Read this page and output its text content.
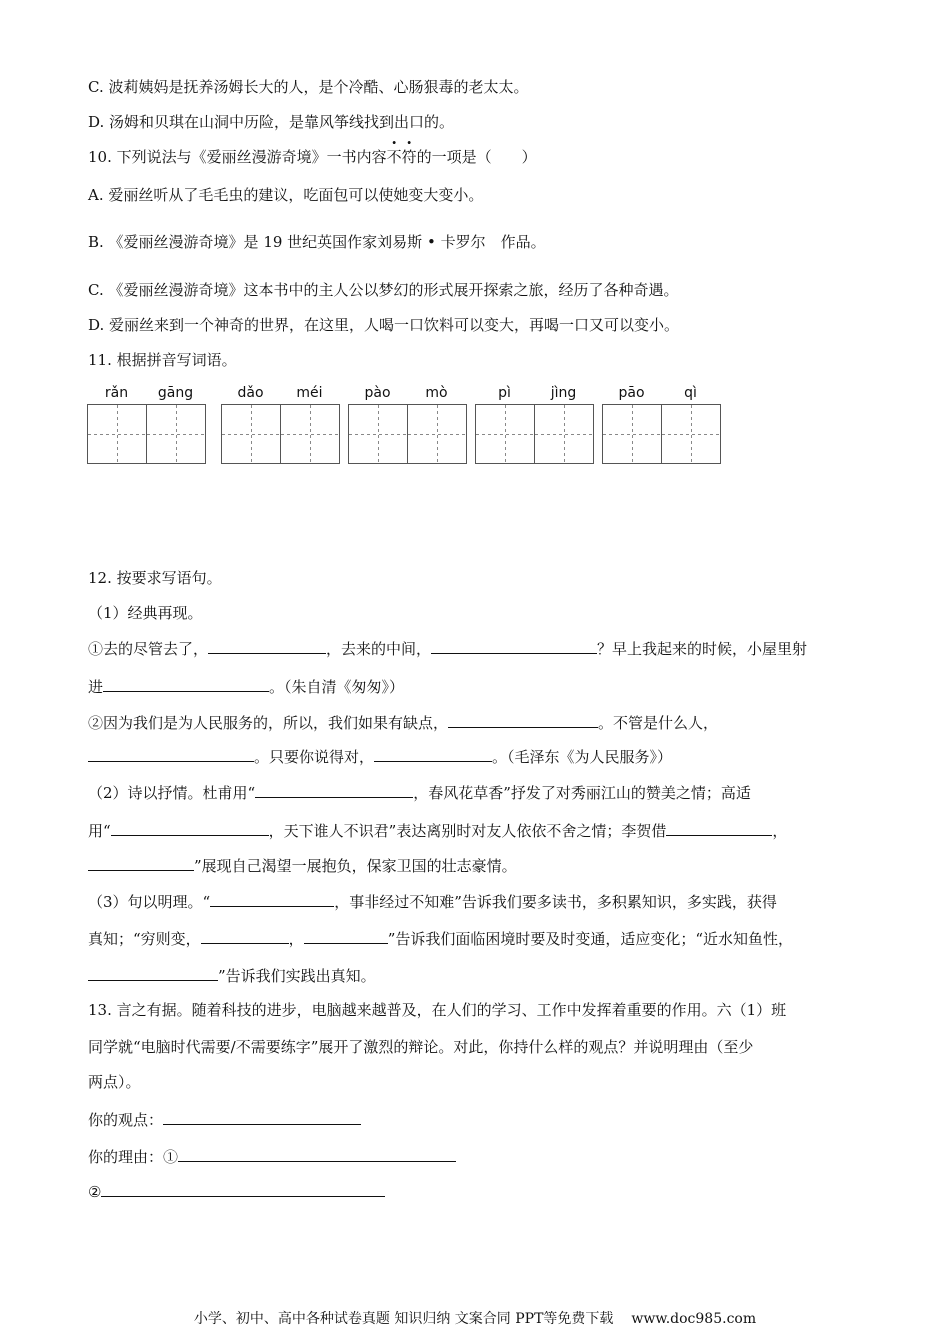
C. 波莉姨妈是抚养汤姆长大的人，是个冷酷、心肠狠毒的老太太。
D. 汤姆和贝琪在山洞中历险，是靠风筝线找到出口的。
10. 下列说法与《爱丽丝漫游奇境》一书内容不符的一项是（　　）
A. 爱丽丝听从了毛毛虫的建议，吃面包可以使她变大变小。
B. 《爱丽丝漫游奇境》是 19 世纪英国作家刘易斯 • 卡罗尔　作品。
C. 《爱丽丝漫游奇境》这本书中的主人公以梦幻的形式展开探索之旅，经历了各种奇遇。
D. 爱丽丝来到一个神奇的世界，在这里，人喝一口饮料可以变大，再喝一口又可以变小。
11. 根据拼音写词语。
rǎn	gāng	dǎo	méi	pào	mò	pì	jìng	pāo	qì
12. 按要求写语句。
（1）经典再现。
①去的尽管去了，	，去来的中间，	？早上我起来的时候，小屋里射
进	。（朱自清《匆匆》）
②因为我们是为人民服务的，所以，我们如果有缺点，	。不管是什么人，
。只要你说得对，	。（毛泽东《为人民服务》）
（2）诗以抒情。杜甫用“	，春风花草香”抒发了对秀丽江山的赞美之情；高适
用“	，天下谁人不识君”表达离别时对友人依依不舍之情；李贺借	，
”展现自己渴望一展抱负，保家卫国的壮志豪情。
（3）句以明理。“	，事非经过不知难”告诉我们要多读书，多积累知识，多实践，获得
真知；“穷则变，	，	”告诉我们面临困境时要及时变通，适应变化；“近水知鱼性，
”告诉我们实践出真知。
13. 言之有据。随着科技的进步，电脑越来越普及，在人们的学习、工作中发挥着重要的作用。六（1）班
同学就“电脑时代需要/不需要练字”展开了激烈的辩论。对此，你持什么样的观点？并说明理由（至少
两点）。
你的观点：
你的理由：①
②
小学、初中、高中各种试卷真题 知识归纳 文案合同 PPT等免费下载 www.doc985.com
